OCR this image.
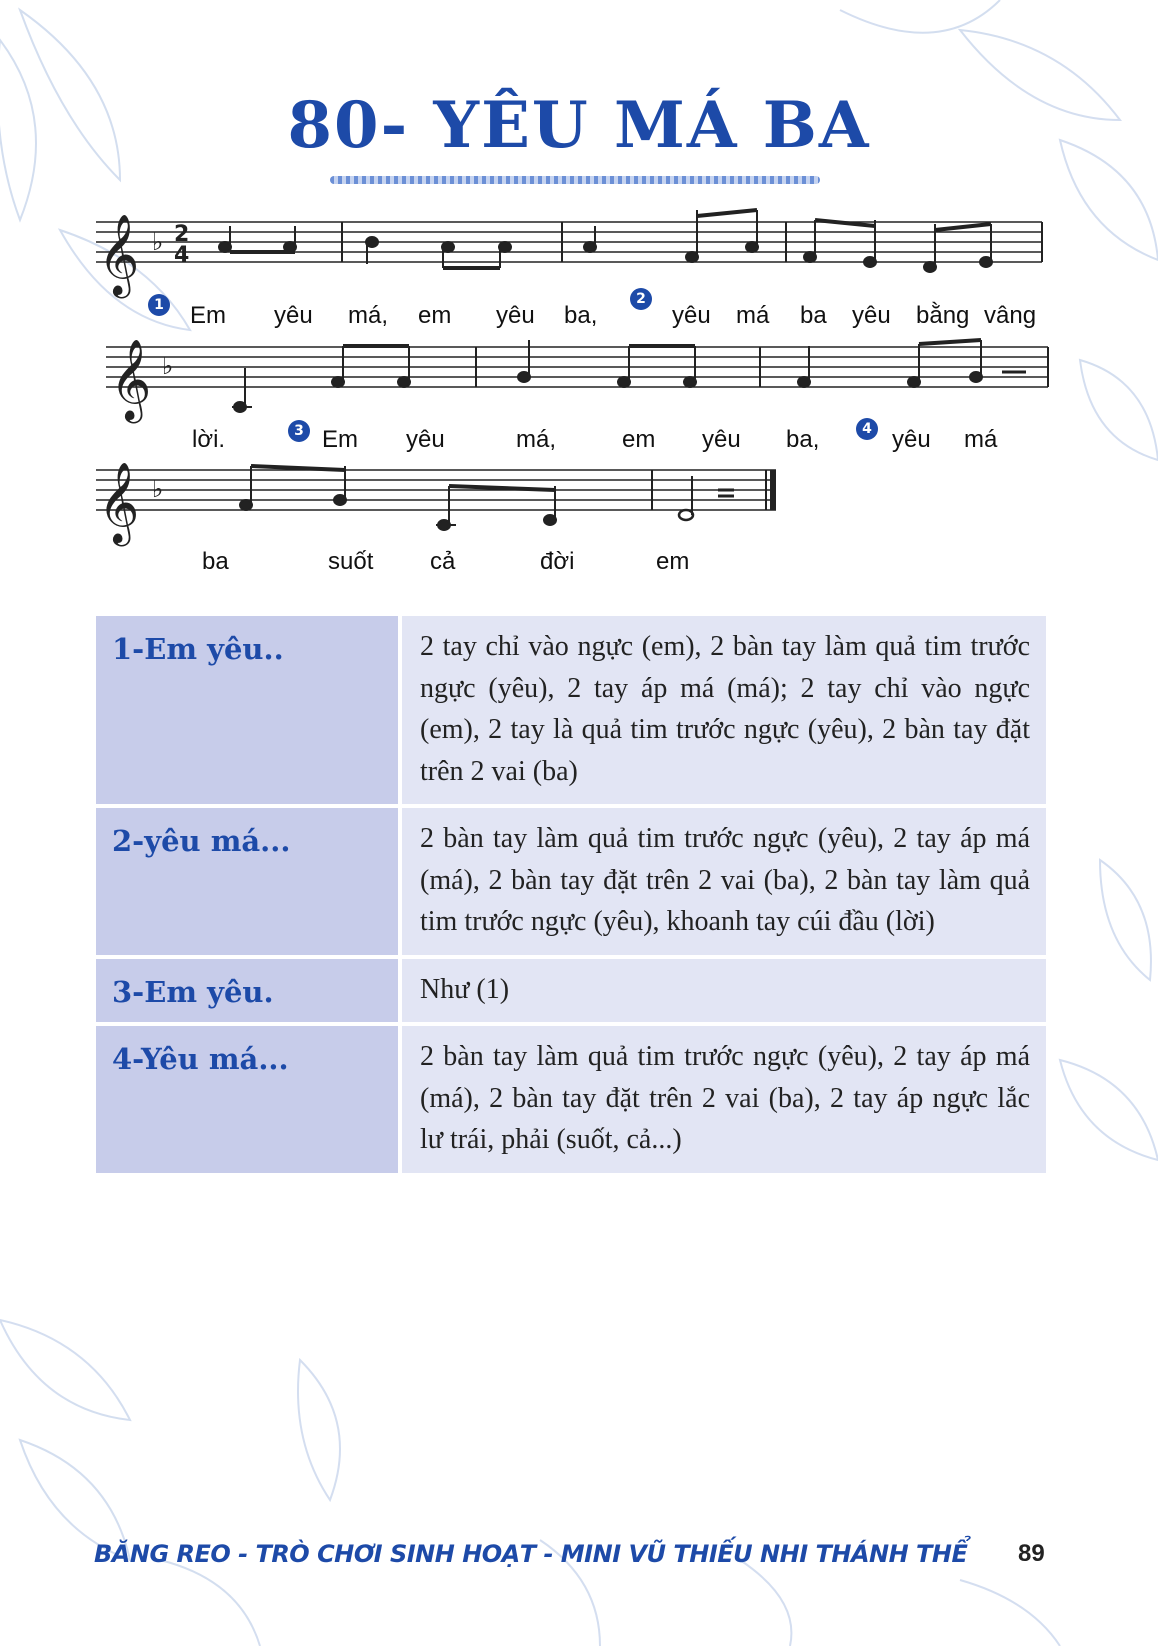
80- YÊU MÁ BA
𝄞
𝄞
𝄞
♭
♭
♭
2
4
1 Em yêu má, em yêu ba,
2
yêu má ba yêu bằng vâng
lời.	3 Em yêu	má,	em yêu ba,	4 yêu má
ba	suốt cả	đời	em
1-Em yêu..	2 tay chỉ vào ngực (em), 2 bàn tay làm quả tim trước ngực (yêu), 2 tay áp má (má); 2 tay chỉ vào ngực (em), 2 tay là quả tim trước ngực (yêu), 2 bàn tay đặt trên 2 vai (ba)
2-yêu má...	2 bàn tay làm quả tim trước ngực (yêu), 2 tay áp má (má), 2 bàn tay đặt trên 2 vai (ba), 2 bàn tay làm quả tim trước ngực (yêu), khoanh tay cúi đầu (lời)
3-Em yêu.	Như (1)
4-Yêu má...	2 bàn tay làm quả tim trước ngực (yêu), 2 tay áp má (má), 2 bàn tay đặt trên 2 vai (ba), 2 tay áp ngực lắc lư trái, phải (suốt, cả...)
BĂNG REO - TRÒ CHƠI SINH HOẠT - MINI VŨ THIẾU NHI THÁNH THỂ 89
